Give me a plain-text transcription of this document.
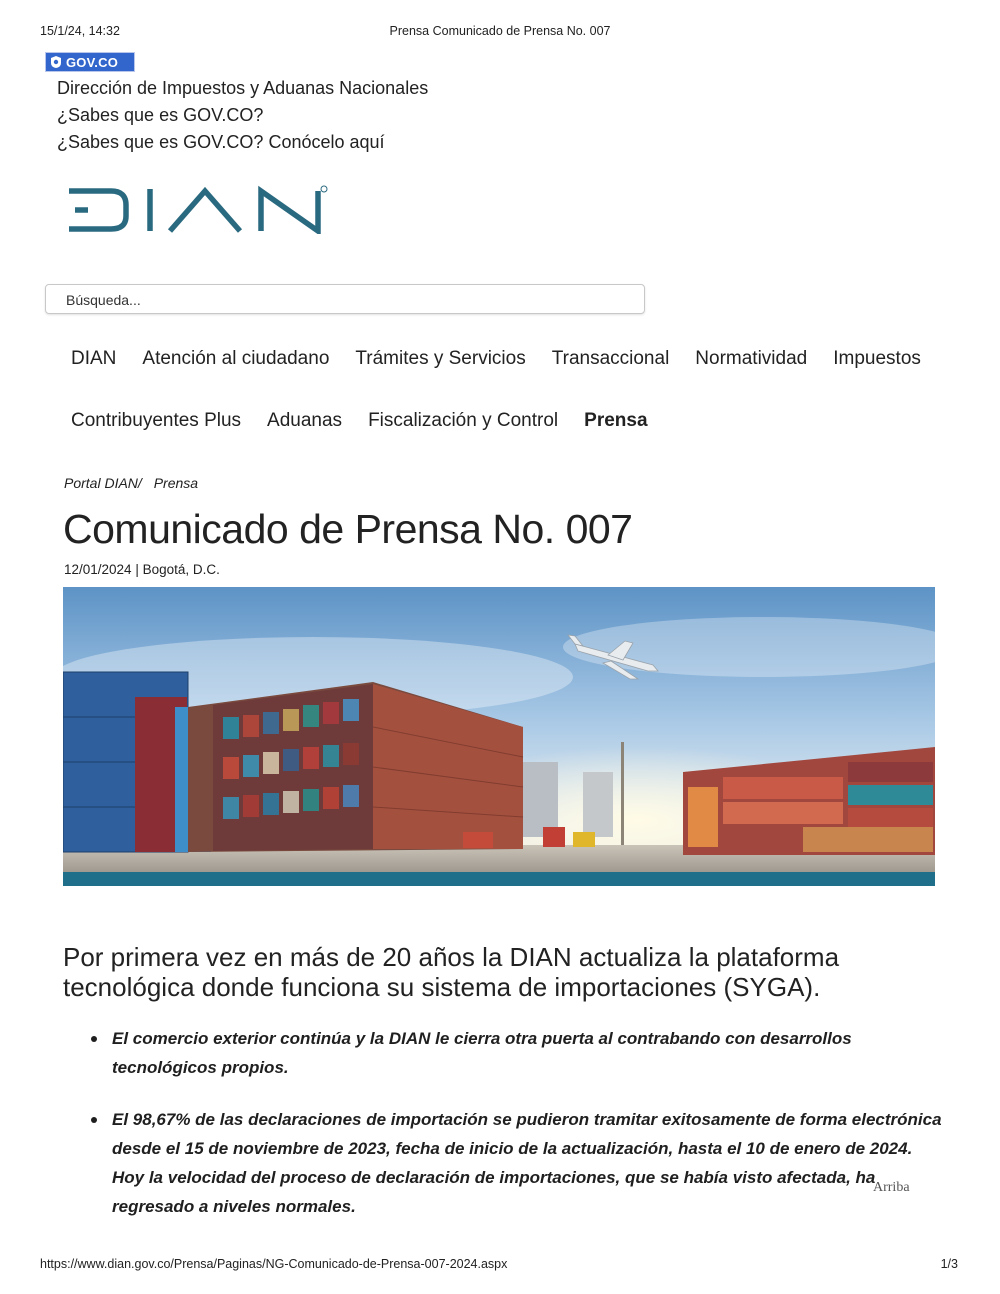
15/1/24, 14:32	Prensa Comunicado de Prensa No. 007
GOV.CO
Dirección de Impuestos y Aduanas Nacionales
¿Sabes que es GOV.CO?
¿Sabes que es GOV.CO? Conócelo aquí
Búsqueda...
DIAN Atención al ciudadano Trámites y Servicios Transaccional Normatividad Impuestos
Contribuyentes Plus Aduanas Fiscalización y Control Prensa
Portal DIAN/ Prensa
Comunicado de Prensa No. 007
12/01/2024 | Bogotá, D.C.
Por primera vez en más de 20 años la DIAN actualiza la plataforma tecnológica donde funciona su sistema de importaciones (SYGA).
El comercio exterior continúa y la DIAN le cierra otra puerta al contrabando con desarrollos tecnológicos propios.
El 98,67% de las declaraciones de importación se pudieron tramitar exitosamente de forma electrónica desde el 15 de noviembre de 2023, fecha de inicio de la actualización, hasta el 10 de enero de 2024. Hoy la velocidad del proceso de declaración de importaciones, que se había visto afectada, ha regresado a niveles normales.
Arriba
https://www.dian.gov.co/Prensa/Paginas/NG-Comunicado-de-Prensa-007-2024.aspx	1/3
